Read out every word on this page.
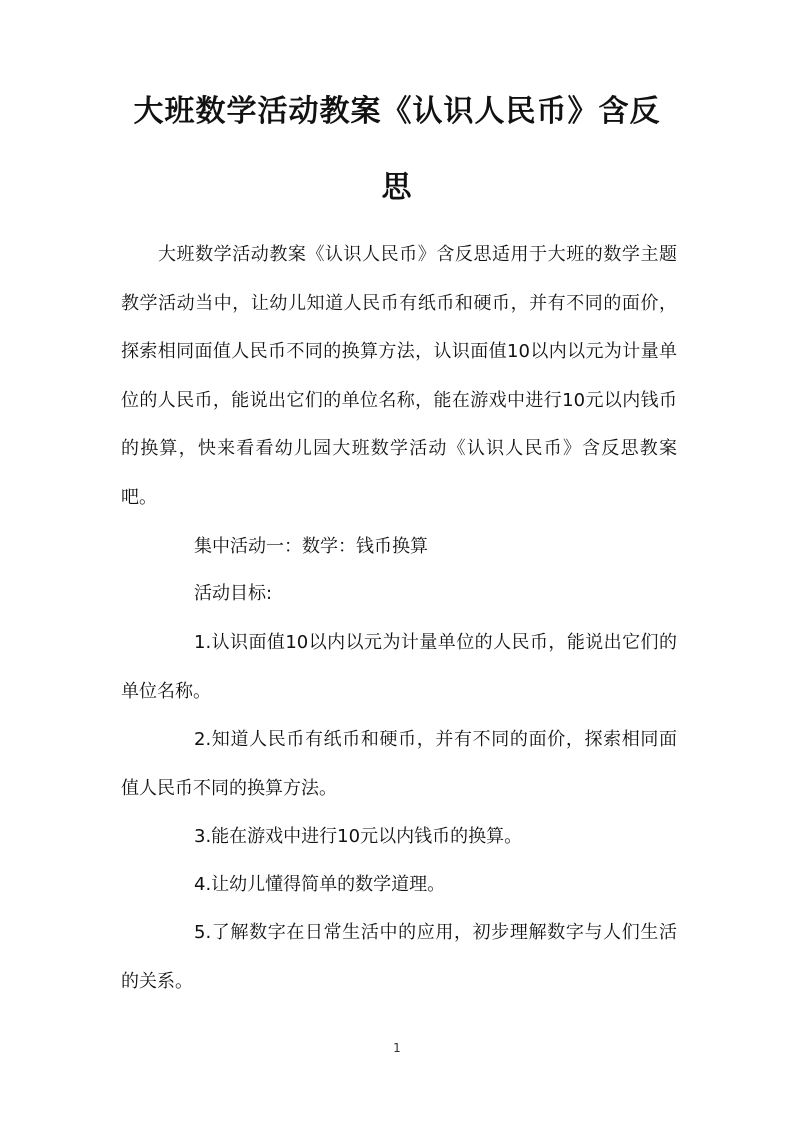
大班数学活动教案《认识人民币》含反
思

大班数学活动教案《认识人民币》含反思适用于大班的数学主题教学活动当中，让幼儿知道人民币有纸币和硬币，并有不同的面价，探索相同面值人民币不同的换算方法，认识面值10以内以元为计量单位的人民币，能说出它们的单位名称，能在游戏中进行10元以内钱币的换算，快来看看幼儿园大班数学活动《认识人民币》含反思教案吧。

集中活动一：数学：钱币换算

活动目标:

1.认识面值10以内以元为计量单位的人民币，能说出它们的单位名称。

2.知道人民币有纸币和硬币，并有不同的面价，探索相同面值人民币不同的换算方法。

3.能在游戏中进行10元以内钱币的换算。

4.让幼儿懂得简单的数学道理。

5.了解数字在日常生活中的应用，初步理解数字与人们生活的关系。

1
